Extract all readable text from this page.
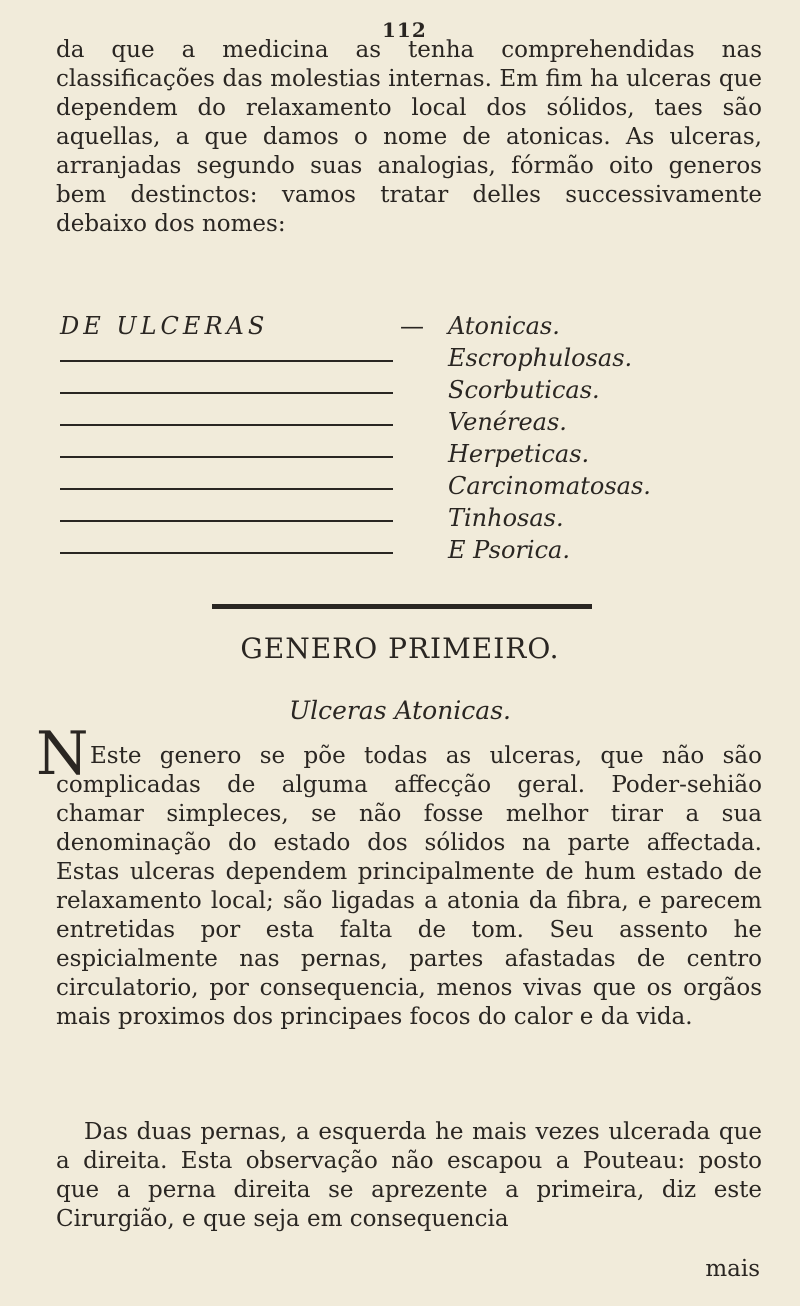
112

da que a medicina as tenha comprehendidas nas classificações das molestias internas. Em fim ha ulceras que dependem do relaxamento local dos sólidos, taes são aquellas, a que damos o nome de atonicas. As ulceras, arranjadas segundo suas analogias, fórmão oito generos bem destinctos: vamos tratar delles successivamente debaixo dos nomes:

DE ULCERAS	— Atonicas.
Escrophulosas.
Scorbuticas.
Venéreas.
Herpeticas.
Carcinomatosas.
Tinhosas.
E Psorica.
GENERO PRIMEIRO.
Ulceras Atonicas.
N Este genero se põe todas as ulceras, que não são complicadas de alguma affecção geral. Poder-sehião chamar simpleces, se não fosse melhor tirar a sua denominação do estado dos sólidos na parte affectada. Estas ulceras dependem principalmente de hum estado de relaxamento local; são ligadas a atonia da fibra, e parecem entretidas por esta falta de tom. Seu assento he espicialmente nas pernas, partes afastadas de centro circulatorio, por consequencia, menos vivas que os orgãos mais proximos dos principaes focos do calor e da vida.

Das duas pernas, a esquerda he mais vezes ulcerada que a direita. Esta observação não escapou a Pouteau: posto que a perna direita se aprezente a primeira, diz este Cirurgião, e que seja em consequencia

mais
